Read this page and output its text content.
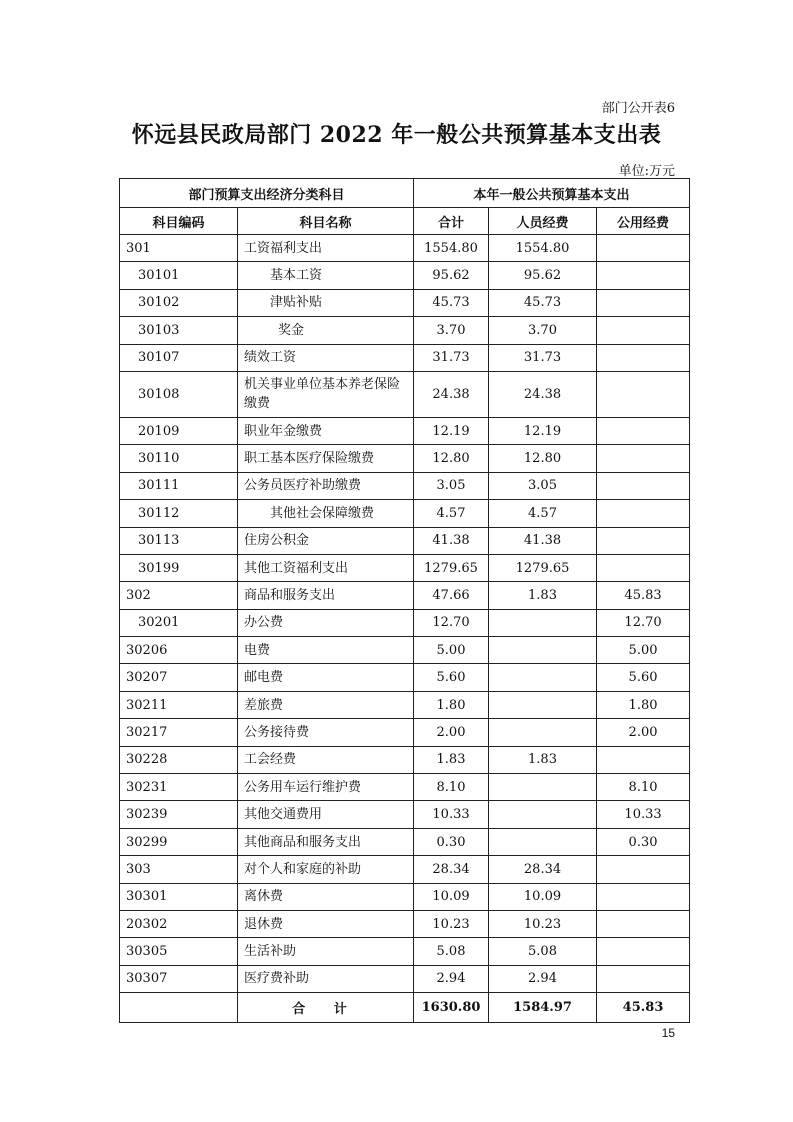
部门公开表6
怀远县民政局部门 2022 年一般公共预算基本支出表
单位:万元
部门预算支出经济分类科目		本年一般公共预算基本支出		
科目编码	科目名称	合计	人员经费	公用经费
301	工资福利支出	1554.80	1554.80	
30101	基本工资	95.62	95.62	
30102	津贴补贴	45.73	45.73	
30103	奖金	3.70	3.70	
30107	绩效工资	31.73	31.73	
30108	机关事业单位基本养老保险缴费	24.38	24.38	
20109	职业年金缴费	12.19	12.19	
30110	职工基本医疗保险缴费	12.80	12.80	
30111	公务员医疗补助缴费	3.05	3.05	
30112	其他社会保障缴费	4.57	4.57	
30113	住房公积金	41.38	41.38	
30199	其他工资福利支出	1279.65	1279.65	
302	商品和服务支出	47.66	1.83	45.83
30201	办公费	12.70		12.70
30206	电费	5.00		5.00
30207	邮电费	5.60		5.60
30211	差旅费	1.80		1.80
30217	公务接待费	2.00		2.00
30228	工会经费	1.83	1.83	
30231	公务用车运行维护费	8.10		8.10
30239	其他交通费用	10.33		10.33
30299	其他商品和服务支出	0.30		0.30
303	对个人和家庭的补助	28.34	28.34	
30301	离休费	10.09	10.09	
20302	退休费	10.23	10.23	
30305	生活补助	5.08	5.08	
30307	医疗费补助	2.94	2.94	
	合 计	1630.80	1584.97	45.83
15
